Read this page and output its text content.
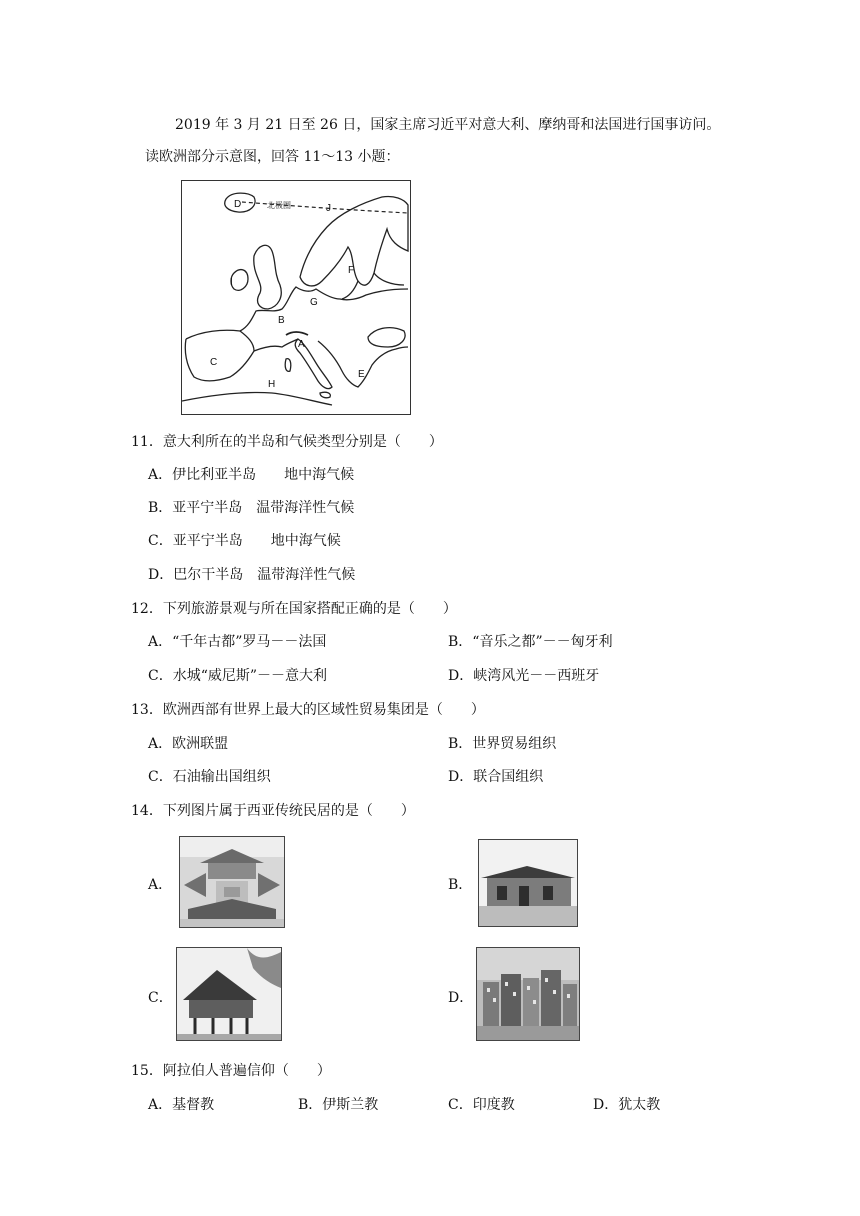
2019 年 3 月 21 日至 26 日，国家主席习近平对意大利、摩纳哥和法国进行国事访问。
读欧洲部分示意图，回答 11～13 小题：
北极圈
D	J
I
F
G
B
A
C
H
E
11．意大利所在的半岛和气候类型分别是（　　）
A．伊比利亚半岛　　地中海气候
B．亚平宁半岛　温带海洋性气候
C．亚平宁半岛　　地中海气候
D．巴尔干半岛　温带海洋性气候
12．下列旅游景观与所在国家搭配正确的是（　　）
A．“千年古都”罗马－－法国	B．“音乐之都”－－匈牙利
C．水城“威尼斯”－－意大利	D．峡湾风光－－西班牙
13．欧洲西部有世界上最大的区域性贸易集团是（　　）
A．欧洲联盟	B．世界贸易组织
C．石油输出国组织	D．联合国组织
14．下列图片属于西亚传统民居的是（　　）
A．	B．
C．	D．
15．阿拉伯人普遍信仰（　　）
A．基督教	B．伊斯兰教	C．印度教	D．犹太教
